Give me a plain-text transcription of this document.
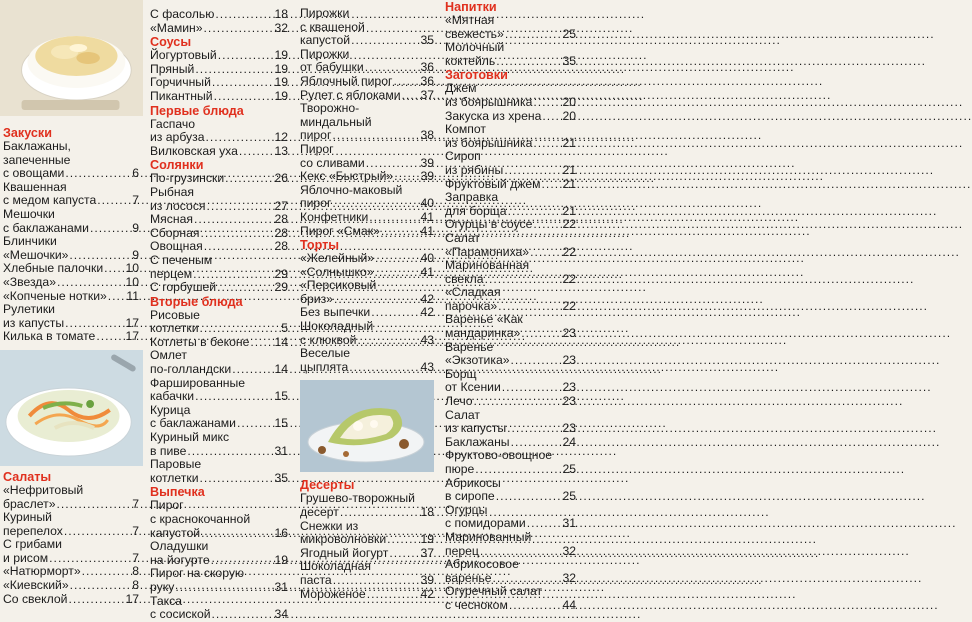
Закуски
Баклажаны,
запеченные
с овощами .....	6
Квашенная
с медом капуста .....	7
Мешочки
с баклажанами .....	9
Блинчики
«Мешочки» .....	9
Хлебные палочки ..... 10
«Звезда» .....	10
«Копченые нотки» ..... 11
Рулетики
из капусты .....	17
Килька в томате ..... 17
Салаты
«Нефритовый
браслет» .....	7
Куриный
перепелох .....	7
С грибами
и рисом .....	7
«Натюрморт» .....	8
«Киевский» .....	8
Со свеклой .....	17
С фасолью .....	18
«Мамин» .....	32
Соусы
Йогуртовый .....	19
Пряный .....	19
Горчичный .....	19
Пикантный .....	19
Первые блюда
Гаспачо
из арбуза .....	12
Вилковская уха .....	13
Солянки
По-грузински .....	26
Рыбная
из лосося .....	27
Мясная .....	28
Сборная .....	28
Овощная .....	28
С печеным
перцем .....	29
С горбушей .....	29
Вторые блюда
Рисовые
котлетки .....	5
Котлеты в беконе ..... 14
Омлет
по-голландски .....	14
Фаршированные
кабачки .....	15
Курица
с баклажанами .....	15
Куриный микс
в пиве .....	31
Паровые
котлетки .....	35
Выпечка
Пирог
с краснокочанной
капустой .....	16
Оладушки
на йогурте .....	19
Пирог на скорую
руку .....	31
Такса
с сосиской .....	34
Пирожки
с квашеной
капустой .....	35
Пирожки
от бабушки .....	36
Яблочный пирог ..... 36
Рулет с яблоками ..... 37
Творожно-
миндальный
пирог .....	38
Пирог
со сливами .....	39
Кекс «Быстрый» ..... 39
Яблочно-маковый
пирог .....	40
Конфетники .....	41
Пирог «Смак» .....	41
Торты
«Желейный» .....	40
«Солнышко» .....	41
«Персиковый
бриз» .....	42
Без выпечки .....	42
Шоколадный
с клюквой .....	43
Веселые
цыплята .....	43
Десерты
Грушево-творожный
десерт .....	18
Снежки из
микроволновки .....	19
Ягодный йогурт .....	37
Шоколадная
паста .....	39
Мороженое .....	42
Напитки
«Мятная
свежесть» .....	25
Молочный
коктейль .....	35
Заготовки
Джем
из боярышника ..... 20
Закуска из хрена ..... 20
Компот
из боярышника ..... 21
Сироп
из рябины .....	21
Фруктовый джем ..... 21
Заправка
для борща .....	21
Огурцы в соусе ..... 22
Салат
«Парамониха» .....	22
Маринованная
свекла .....	22
«Сладкая
парочка» .....	22
Варенье «Как
мандаринка» .....	23
Варенье
«Экзотика» .....	23
Борщ
от Ксении .....	23
Лечо .....	23
Салат
из капусты .....	23
Баклажаны .....	24
Фруктово-овощное
пюре .....	25
Абрикосы
в сиропе .....	25
Огурцы
с помидорами .....	31
Маринованный
перец .....	32
Абрикосовое
варенье .....	32
Огуречный салат
с чесноком .....	44
